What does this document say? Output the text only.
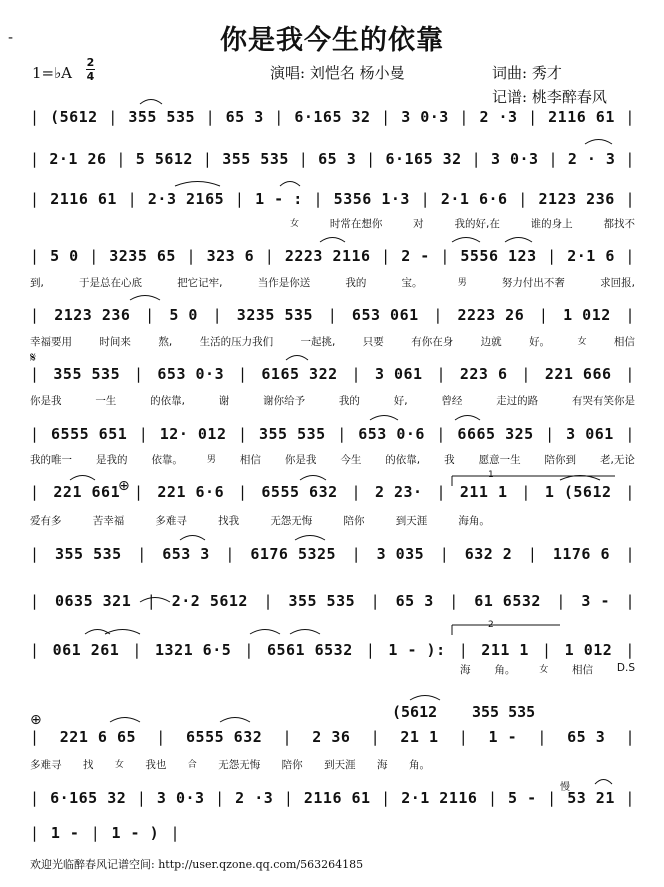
-	你是我今生的依靠
1=♭A
2
4	演唱: 刘恺名 杨小曼	词曲: 秀才
记谱: 桃李醉春风
| (5612 | 355 535 | 65 3 | 6·165 32 | 3 0·3 | 2 ·3 | 2116 61 |
| 2·1 26 | 5 5612 | 355 535 | 65 3 | 6·165 32 | 3 0·3 | 2 · 3 |
| 2116 61 | 2·3 2165 | 1 - : | 5356 1·3 | 2·1 6·6 | 2123 236 |
| 5 0 | 3235 65 | 323 6 | 2223 2116 | 2 - | 5556 123 | 2·1 6 |
| 2123 236 | 5 0 | 3235 535 | 653 061 | 2223 26 | 1 012 |
| 355 535 | 653 0·3 | 6165 322 | 3 061 | 223 6 | 221 666 |
| 6555 651 | 12· 012 | 355 535 | 653 0·6 | 6665 325 | 3 061 |
| 221 661 | 221 6·6 | 6555 632 | 2 23· | 211 1 | 1 (5612 |
| 355 535 | 653 3 | 6176 5325 | 3 035 | 632 2 | 1176 6 |
| 0635 321 | 2·2 5612 | 355 535 | 65 3 | 61 6532 | 3 - |
| 061 261 | 1321 6·5 | 6561 6532 | 1 - ): | 211 1 | 1 012 |
| 221 6 65 | 6555 632 | 2 36 | 21 1 | 1 - | 65 3 |
| 6·165 32 | 3 0·3 | 2 ·3 | 2116 61 | 2·1 2116 | 5 - | 53 21 |
| 1 - | 1 - ) |
女	时常在想你	对	我的好,在	谁的身上	都找不
到,	于是总在心底	把它记牢,	当作是你送	我的	宝。	男	努力付出不奢	求回报,
幸福要用	时间来	熬,	生活的压力我们	一起挑,	只要	有你在身	边就	好。	女	相信
你是我	一生	的依靠,	谢	谢你给予	我的	好,	曾经	走过的路	有哭有笑你是
我的唯一 是我的 依靠。	男 相信 你是我 今生 的依靠, 我 愿意一生 陪你到 老,无论
爱有多	苦幸福	多难寻	找我	无怨无悔	陪你	到天涯	海角。
海 角。	女 相信 D.S
多难寻 找 女 我也 合 无怨无悔 陪你 到天涯 海 角。
𝄋
⊕
⊕
慢
1
2
(5612 355 535
欢迎光临醉春风记谱空间: http://user.qzone.qq.com/563264185
